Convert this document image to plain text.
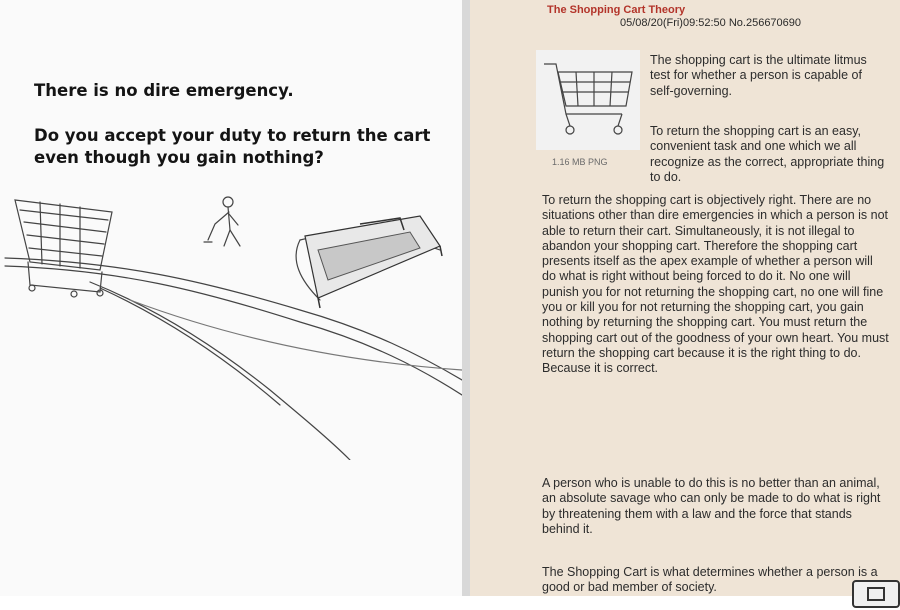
There is no dire emergency.

Do you accept your duty to return the cart even though you gain nothing?

The Shopping Cart Theory
05/08/20(Fri)09:52:50 No.256670690
1.16 MB PNG

The shopping cart is the ultimate litmus test for whether a person is capable of self-governing.

To return the shopping cart is an easy, convenient task and one which we all recognize as the correct, appropriate thing to do.

To return the shopping cart is objectively right. There are no situations other than dire emergencies in which a person is not able to return their cart. Simultaneously, it is not illegal to abandon your shopping cart. Therefore the shopping cart presents itself as the apex example of whether a person will do what is right without being forced to do it. No one will punish you for not returning the shopping cart, no one will fine you or kill you for not returning the shopping cart, you gain nothing by returning the shopping cart. You must return the shopping cart out of the goodness of your own heart. You must return the shopping cart because it is the right thing to do. Because it is correct.

A person who is unable to do this is no better than an animal, an absolute savage who can only be made to do what is right by threatening them with a law and the force that stands behind it.

The Shopping Cart is what determines whether a person is a good or bad member of society.
